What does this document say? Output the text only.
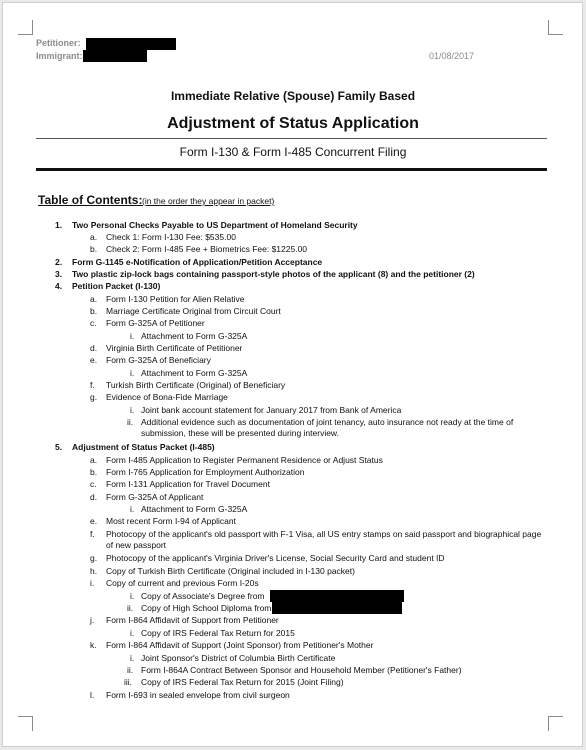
Petitioner:
Immigrant:	01/08/2017
Immediate Relative (Spouse) Family Based
Adjustment of Status Application
Form I-130 & Form I-485 Concurrent Filing
Table of Contents: (in the order they appear in packet)
1. Two Personal Checks Payable to US Department of Homeland Security
a. Check 1: Form I-130 Fee: $535.00
b. Check 2: Form I-485 Fee + Biometrics Fee: $1225.00
2. Form G-1145 e-Notification of Application/Petition Acceptance
3. Two plastic zip-lock bags containing passport-style photos of the applicant (8) and the petitioner (2)
4. Petition Packet (I-130)
a. Form I-130 Petition for Alien Relative
b. Marriage Certificate Original from Circuit Court
c. Form G-325A of Petitioner
i. Attachment to Form G-325A
d. Virginia Birth Certificate of Petitioner
e. Form G-325A of Beneficiary
i. Attachment to Form G-325A
f. Turkish Birth Certificate (Original) of Beneficiary
g. Evidence of Bona-Fide Marriage
i. Joint bank account statement for January 2017 from Bank of America
ii. Additional evidence such as documentation of joint tenancy, auto insurance not ready at the time of submission, these will be presented during interview.
5. Adjustment of Status Packet (I-485)
a. Form I-485 Application to Register Permanent Residence or Adjust Status
b. Form I-765 Application for Employment Authorization
c. Form I-131 Application for Travel Document
d. Form G-325A of Applicant
i. Attachment to Form G-325A
e. Most recent Form I-94 of Applicant
f. Photocopy of the applicant's old passport with F-1 Visa, all US entry stamps on said passport and biographical page of new passport
g. Photocopy of the applicant's Virginia Driver's License, Social Security Card and student ID
h. Copy of Turkish Birth Certificate (Original included in I-130 packet)
i. Copy of current and previous Form I-20s
i. Copy of Associate's Degree from
ii. Copy of High School Diploma from
j. Form I-864 Affidavit of Support from Petitioner
i. Copy of IRS Federal Tax Return for 2015
k. Form I-864 Affidavit of Support (Joint Sponsor) from Petitioner's Mother
i. Joint Sponsor's District of Columbia Birth Certificate
ii. Form I-864A Contract Between Sponsor and Household Member (Petitioner's Father)
iii. Copy of IRS Federal Tax Return for 2015 (Joint Filing)
l. Form I-693 in sealed envelope from civil surgeon
